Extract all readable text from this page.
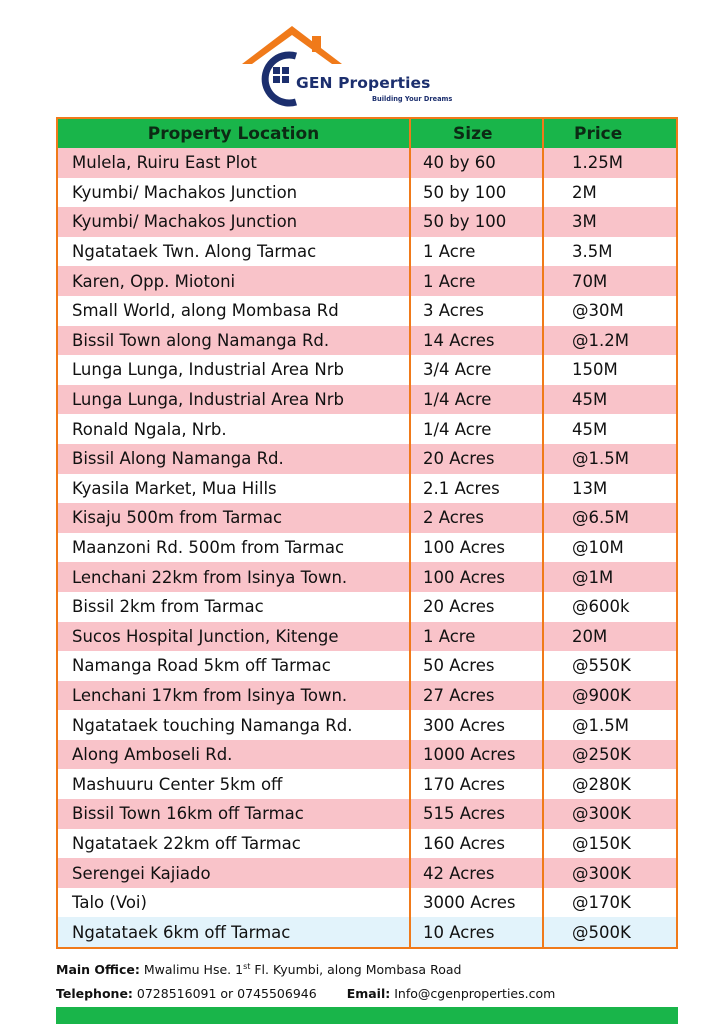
GEN Properties
Building Your Dreams
Property Location	Size	Price
Mulela, Ruiru East Plot	40 by 60	1.25M
Kyumbi/ Machakos Junction	50 by 100	2M
Kyumbi/ Machakos Junction	50 by 100	3M
Ngatataek Twn. Along Tarmac	1 Acre	3.5M
Karen, Opp. Miotoni	1 Acre	70M
Small World, along Mombasa Rd	3 Acres	@30M
Bissil Town along Namanga Rd.	14 Acres	@1.2M
Lunga Lunga, Industrial Area Nrb	3/4 Acre	150M
Lunga Lunga, Industrial Area Nrb	1/4 Acre	45M
Ronald Ngala, Nrb.	1/4 Acre	45M
Bissil Along Namanga Rd.	20 Acres	@1.5M
Kyasila Market, Mua Hills	2.1 Acres	13M
Kisaju 500m from Tarmac	2 Acres	@6.5M
Maanzoni Rd. 500m from Tarmac	100 Acres	@10M
Lenchani 22km from Isinya Town.	100 Acres	@1M
Bissil 2km from Tarmac	20 Acres	@600k
Sucos Hospital Junction, Kitenge	1 Acre	20M
Namanga Road 5km off Tarmac	50 Acres	@550K
Lenchani 17km from Isinya Town.	27 Acres	@900K
Ngatataek touching Namanga Rd.	300 Acres	@1.5M
Along Amboseli Rd.	1000 Acres	@250K
Mashuuru Center 5km off	170 Acres	@280K
Bissil Town 16km off Tarmac	515 Acres	@300K
Ngatataek 22km off Tarmac	160 Acres	@150K
Serengei Kajiado	42 Acres	@300K
Talo (Voi)	3000 Acres	@170K
Ngatataek 6km off Tarmac	10 Acres	@500K
Main Office: Mwalimu Hse. 1st Fl. Kyumbi, along Mombasa Road
Telephone: 0728516091 or 0745506946 Email: Info@cgenproperties.com
